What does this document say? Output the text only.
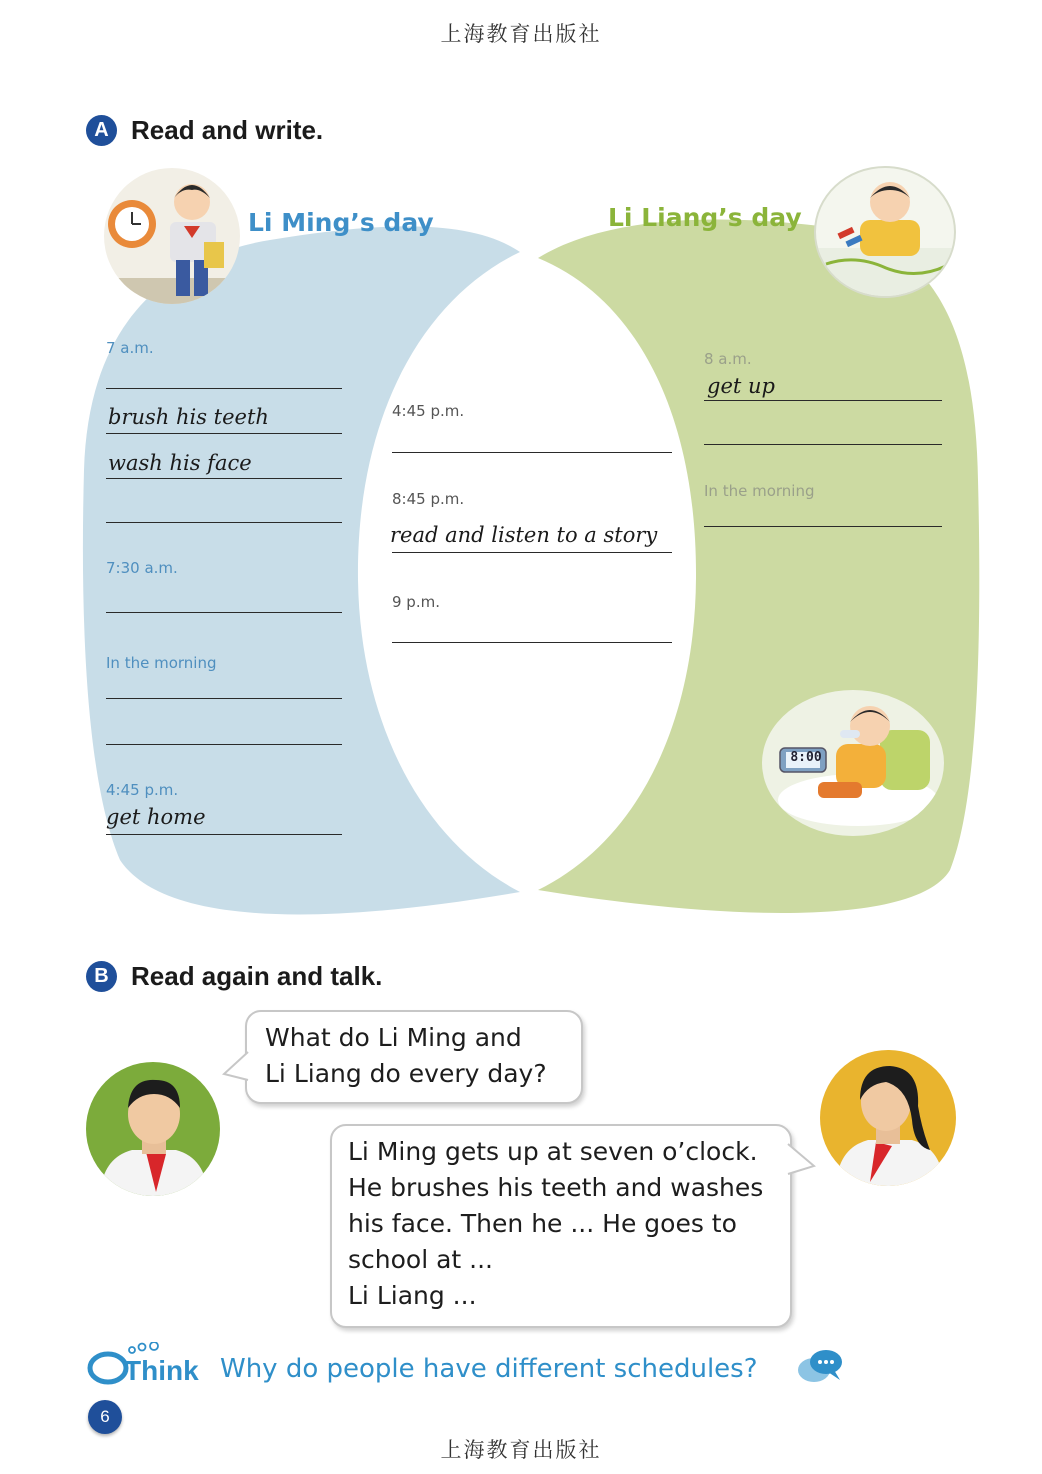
上海教育出版社
A Read and write.
Li Ming’s day	Li Liang’s day
7 a.m.
brush his teeth
wash his face
7:30 a.m.
In the morning
4:45 p.m.
get home
4:45 p.m.
8:45 p.m.
read and listen to a story
9 p.m.
8 a.m.
get up
In the morning
8:00
B Read again and talk.
What do Li Ming and
Li Liang do every day?
Li Ming gets up at seven o’clock.
He brushes his teeth and washes
his face. Then he ... He goes to
school at ...
Li Liang ...
Think Why do people have different schedules?
6
上海教育出版社
